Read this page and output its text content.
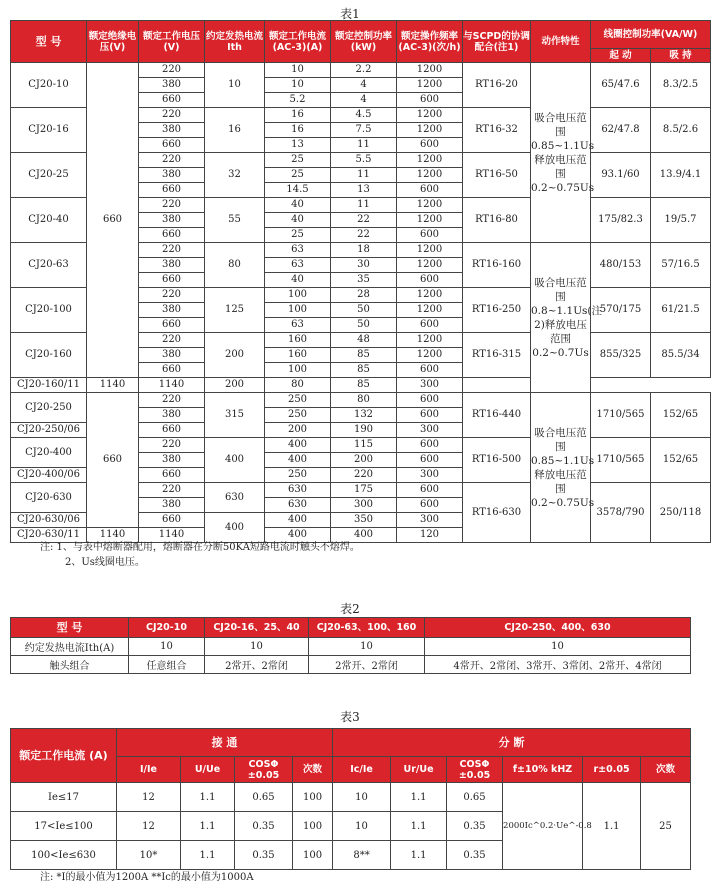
表1
型 号	额定绝缘电压(V)	额定工作电压(V)	约定发热电流Ith	额定工作电流(AC-3)(A)	额定控制功率(kW)	额定操作频率(AC-3)(次/h)	与SCPD的协调配合(注1)	动作特性	线圈控制功率(VA/W)	
									起 动	吸 持
CJ20-10	660	220	10	10	2.2	1200	RT16-20	吸合电压范围0.85~1.1Us释放电压范围0.2~0.75Us	65/47.6	8.3/2.5
		380		10	4	1200				
		660		5.2	4	600				
CJ20-16		220	16	16	4.5	1200	RT16-32		62/47.8	8.5/2.6
		380		16	7.5	1200				
		660		13	11	600				
CJ20-25		220	32	25	5.5	1200	RT16-50		93.1/60	13.9/4.1
		380		25	11	1200				
		660		14.5	13	600				
CJ20-40		220	55	40	11	1200	RT16-80		175/82.3	19/5.7
		380		40	22	1200				
		660		25	22	600				
CJ20-63		220	80	63	18	1200	RT16-160	吸合电压范围0.8~1.1Us(注2)释放电压范围0.2~0.7Us	480/153	57/16.5
		380		63	30	1200				
		660		40	35	600				
CJ20-100		220	125	100	28	1200	RT16-250		570/175	61/21.5
		380		100	50	1200				
		660		63	50	600				
CJ20-160		220	200	160	48	1200	RT16-315		855/325	85.5/34
		380		160	85	1200				
		660		100	85	600				
CJ20-160/11	1140	1140	200	80	85	300				
CJ20-250	660	220	315	250	80	600	RT16-440	吸合电压范围0.85~1.1Us释放电压范围0.2~0.75Us	1710/565	152/65
		380		250	132	600				
CJ20-250/06		660		200	190	300				
CJ20-400		220	400	400	115	600	RT16-500		1710/565	152/65
		380		400	200	600				
CJ20-400/06		660		250	220	300				
CJ20-630		220	630	630	175	600	RT16-630		3578/790	250/118
		380		630	300	600				
CJ20-630/06		660	400	400	350	300				
CJ20-630/11	1140	1140		400	400	120				
注: 1、与表中熔断器配用，熔断器在分断50KA短路电流时触头不熔焊。
2、Us线圈电压。
表2
型 号	CJ20-10	CJ20-16、25、40	CJ20-63、100、160	CJ20-250、400、630
约定发热电流Ith(A)	10	10	10	10
触头组合	任意组合	2常开、2常闭	2常开、2常闭	4常开、2常闭、3常开、3常闭、2常开、4常闭
表3
额定工作电流 (A)	接 通				分 断					
	I/Ie	U/Ue	COSΦ ±0.05	次数	Ic/Ie	Ur/Ue	COSΦ ±0.05	f±10% kHZ	r±0.05	次数
Ie≤17	12	1.1	0.65	100	10	1.1	0.65	2000Ic^0.2·Ue^-0.8	1.1	25
17<Ie≤100	12	1.1	0.35	100	10	1.1	0.35			
100<Ie≤630	10*	1.1	0.35	100	8**	1.1	0.35			
注: *I的最小值为1200A **Ic的最小值为1000A
